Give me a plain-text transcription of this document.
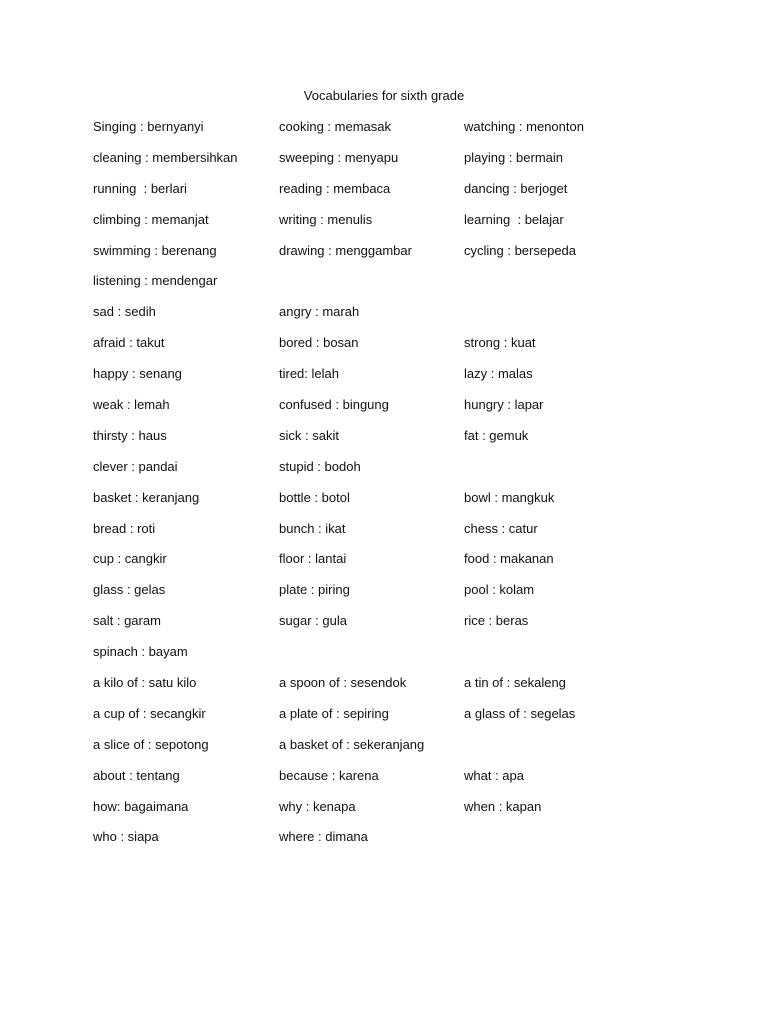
Vocabularies for sixth grade
Singing : bernyanyi	cooking : memasak	watching : menonton
cleaning : membersihkan	sweeping : menyapu	playing : bermain
running  : berlari	reading : membaca	dancing : berjoget
climbing : memanjat	writing : menulis	learning  : belajar
swimming : berenang	drawing : menggambar	cycling : bersepeda
listening : mendengar
sad : sedih	angry : marah
afraid : takut	bored : bosan	strong : kuat
happy : senang	tired: lelah	lazy : malas
weak : lemah	confused : bingung	hungry : lapar
thirsty : haus	sick : sakit	fat : gemuk
clever : pandai	stupid : bodoh
basket : keranjang	bottle : botol	bowl : mangkuk
bread : roti	bunch : ikat	chess : catur
cup : cangkir	floor : lantai	food : makanan
glass : gelas	plate : piring	pool : kolam
salt : garam	sugar : gula	rice : beras
spinach : bayam
a kilo of : satu kilo	a spoon of : sesendok	a tin of : sekaleng
a cup of : secangkir	a plate of : sepiring	a glass of : segelas
a slice of : sepotong	a basket of : sekeranjang
about : tentang	because : karena	what : apa
how: bagaimana	why : kenapa	when : kapan
who : siapa	where : dimana
